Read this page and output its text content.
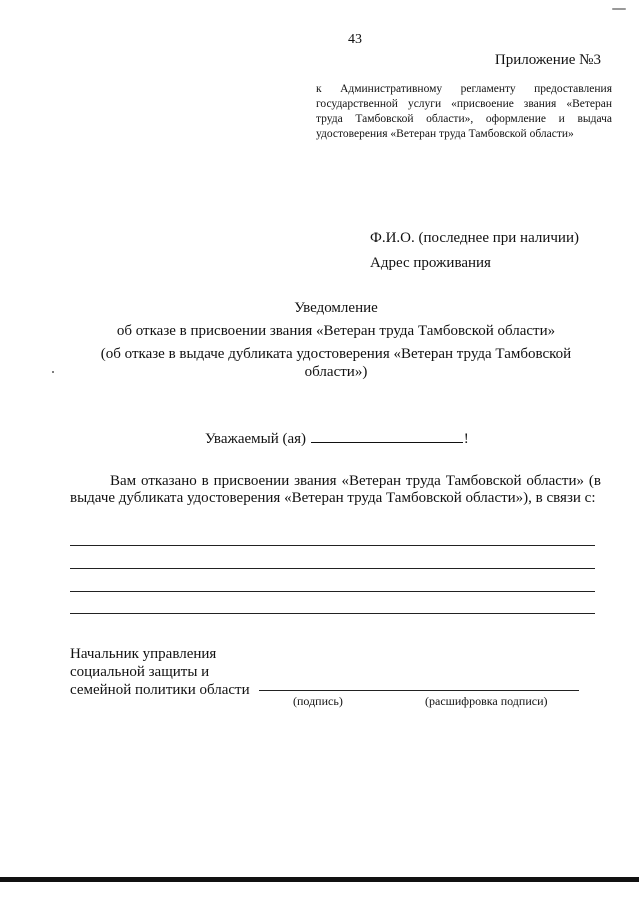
43
Приложение №3
к Административному регламенту предоставления государственной услуги «присвоение звания «Ветеран труда Тамбовской области», оформление и выдача удостоверения «Ветеран труда Тамбовской области»
Ф.И.О. (последнее при наличии)
Адрес проживания
Уведомление
об отказе в присвоении звания «Ветеран труда Тамбовской области»
(об отказе в выдаче дубликата удостоверения «Ветеран труда Тамбовской
области»)
Уважаемый (ая)	!
Вам отказано в присвоении звания «Ветеран труда Тамбовской области» (в выдаче дубликата удостоверения «Ветеран труда Тамбовской области»), в связи с:
Начальник управления
социальной защиты и
семейной политики области
(подпись)	(расшифровка подписи)
